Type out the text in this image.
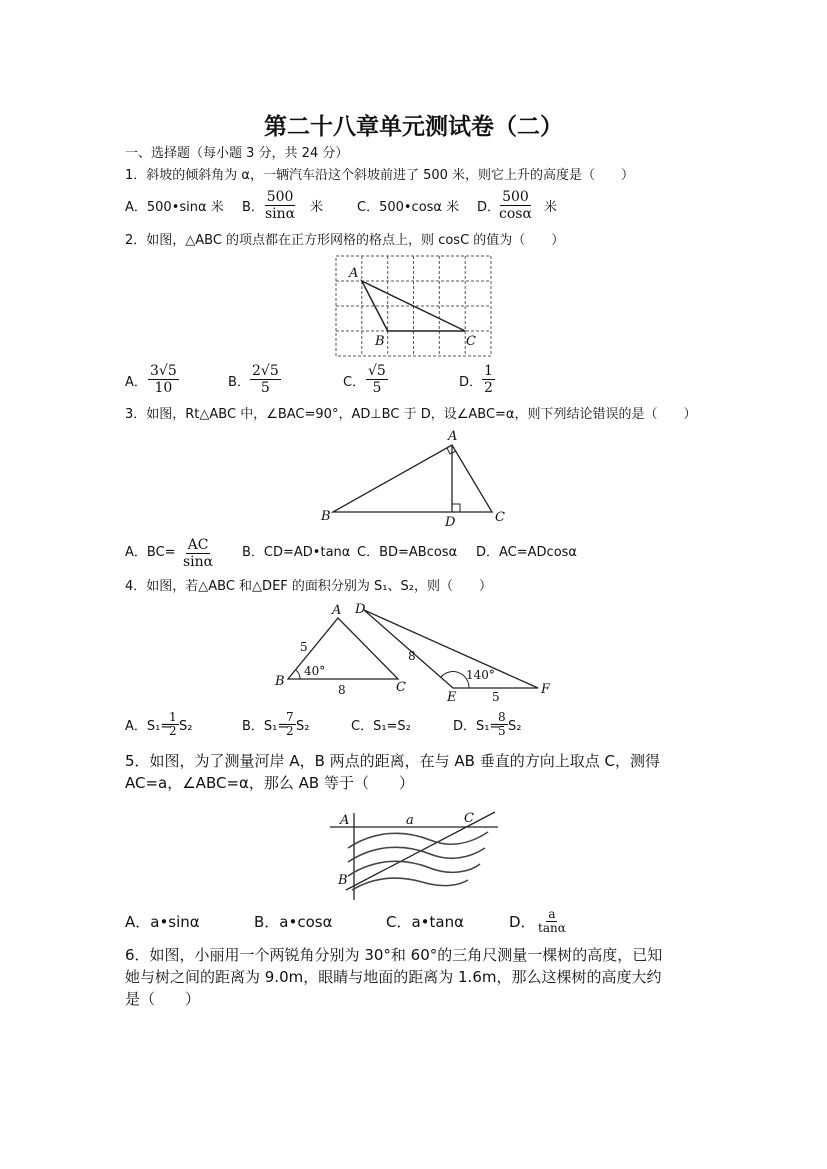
第二十八章单元测试卷（二）
一、选择题（每小题 3 分，共 24 分）
1．斜坡的倾斜角为 α，一辆汽车沿这个斜坡前进了 500 米，则它上升的高度是（　　）
A．500•sinα 米 B． $\frac{500}{\sin\alpha}$ 米	C．500•cosα 米 D．
$\frac{500}{\cos\alpha}$ 米
2．如图，△ABC 的项点都在正方形网格的格点上，则 cosC 的值为（　　）
A
B	C
A． $\frac{3√5}{10}$	B． $\frac{2√5}{5}$	C． $\frac{√5}{5}$	D． $\frac{1}{2}$
3．如图，Rt△ABC 中，∠BAC=90°，AD⊥BC 于 D，设∠ABC=α，则下列结论错误的是（　　）
A
B	C
D
A．$BC= \frac{AC}{\sin\alpha}$ B．CD=AD•tanα C．BD=ABcosα D．AC=ADcosα
4．如图，若△ABC 和△DEF 的面积分别为 S₁、S₂，则（　　）
A
B	C
5
8
40°
D
E
F
8
5
140°
A．S₁=
$\frac{1}{2} S_2$	B．S₁=
$\frac{7}{2} S_2$	C．S₁=S₂	D．S₁=
$\frac{8}{5} S_2$
5．如图，为了测量河岸 A，B 两点的距离，在与 AB 垂直的方向上取点 C，测得
AC=a，∠ABC=α，那么 AB 等于（　　）
A	a	C
B
A．a•sinα	B．a•cosα	C．a•tanα	D． $\frac{a}{\tan\alpha}$
6．如图，小丽用一个两锐角分别为 30°和 60°的三角尺测量一棵树的高度，已知
她与树之间的距离为 9.0m，眼睛与地面的距离为 1.6m，那么这棵树的高度大约
是（　　）
